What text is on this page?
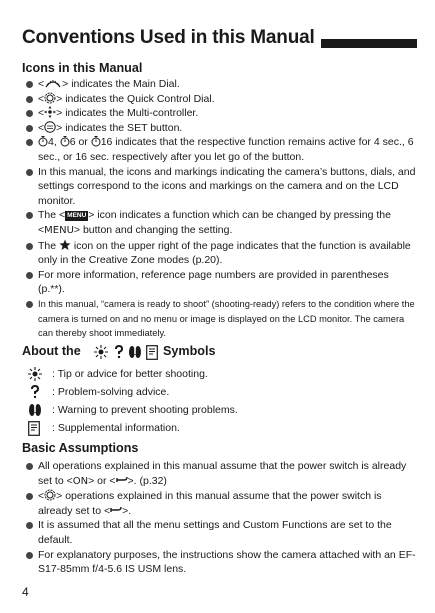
Conventions Used in this Manual
Icons in this Manual
< > indicates the Main Dial.
< > indicates the Quick Control Dial.
< > indicates the Multi-controller.
< > indicates the SET button.
4, 6 or 16 indicates that the respective function remains active for 4 sec., 6 sec., or 16 sec. respectively after you let go of the button.
In this manual, the icons and markings indicating the camera’s buttons, dials, and settings correspond to the icons and markings on the camera and on the LCD monitor.
The < MENU > icon indicates a function which can be changed by pressing the <MENU> button and changing the setting.
The  icon on the upper right of the page indicates that the function is available only in the Creative Zone modes (p.20).
For more information, reference page numbers are provided in parentheses (p.**).
In this manual, “camera is ready to shoot” (shooting-ready) refers to the condition where the camera is turned on and no menu or image is displayed on the LCD monitor. The camera can thereby shoot immediately.
About the	Symbols
: Tip or advice for better shooting.
: Problem-solving advice.
: Warning to prevent shooting problems.
: Supplemental information.
Basic Assumptions
All operations explained in this manual assume that the power switch is already set to <ON> or < >. (p.32)
< > operations explained in this manual assume that the power switch is already set to < >.
It is assumed that all the menu settings and Custom Functions are set to the default.
For explanatory purposes, the instructions show the camera attached with an EF-S17-85mm f/4-5.6 IS USM lens.
4
